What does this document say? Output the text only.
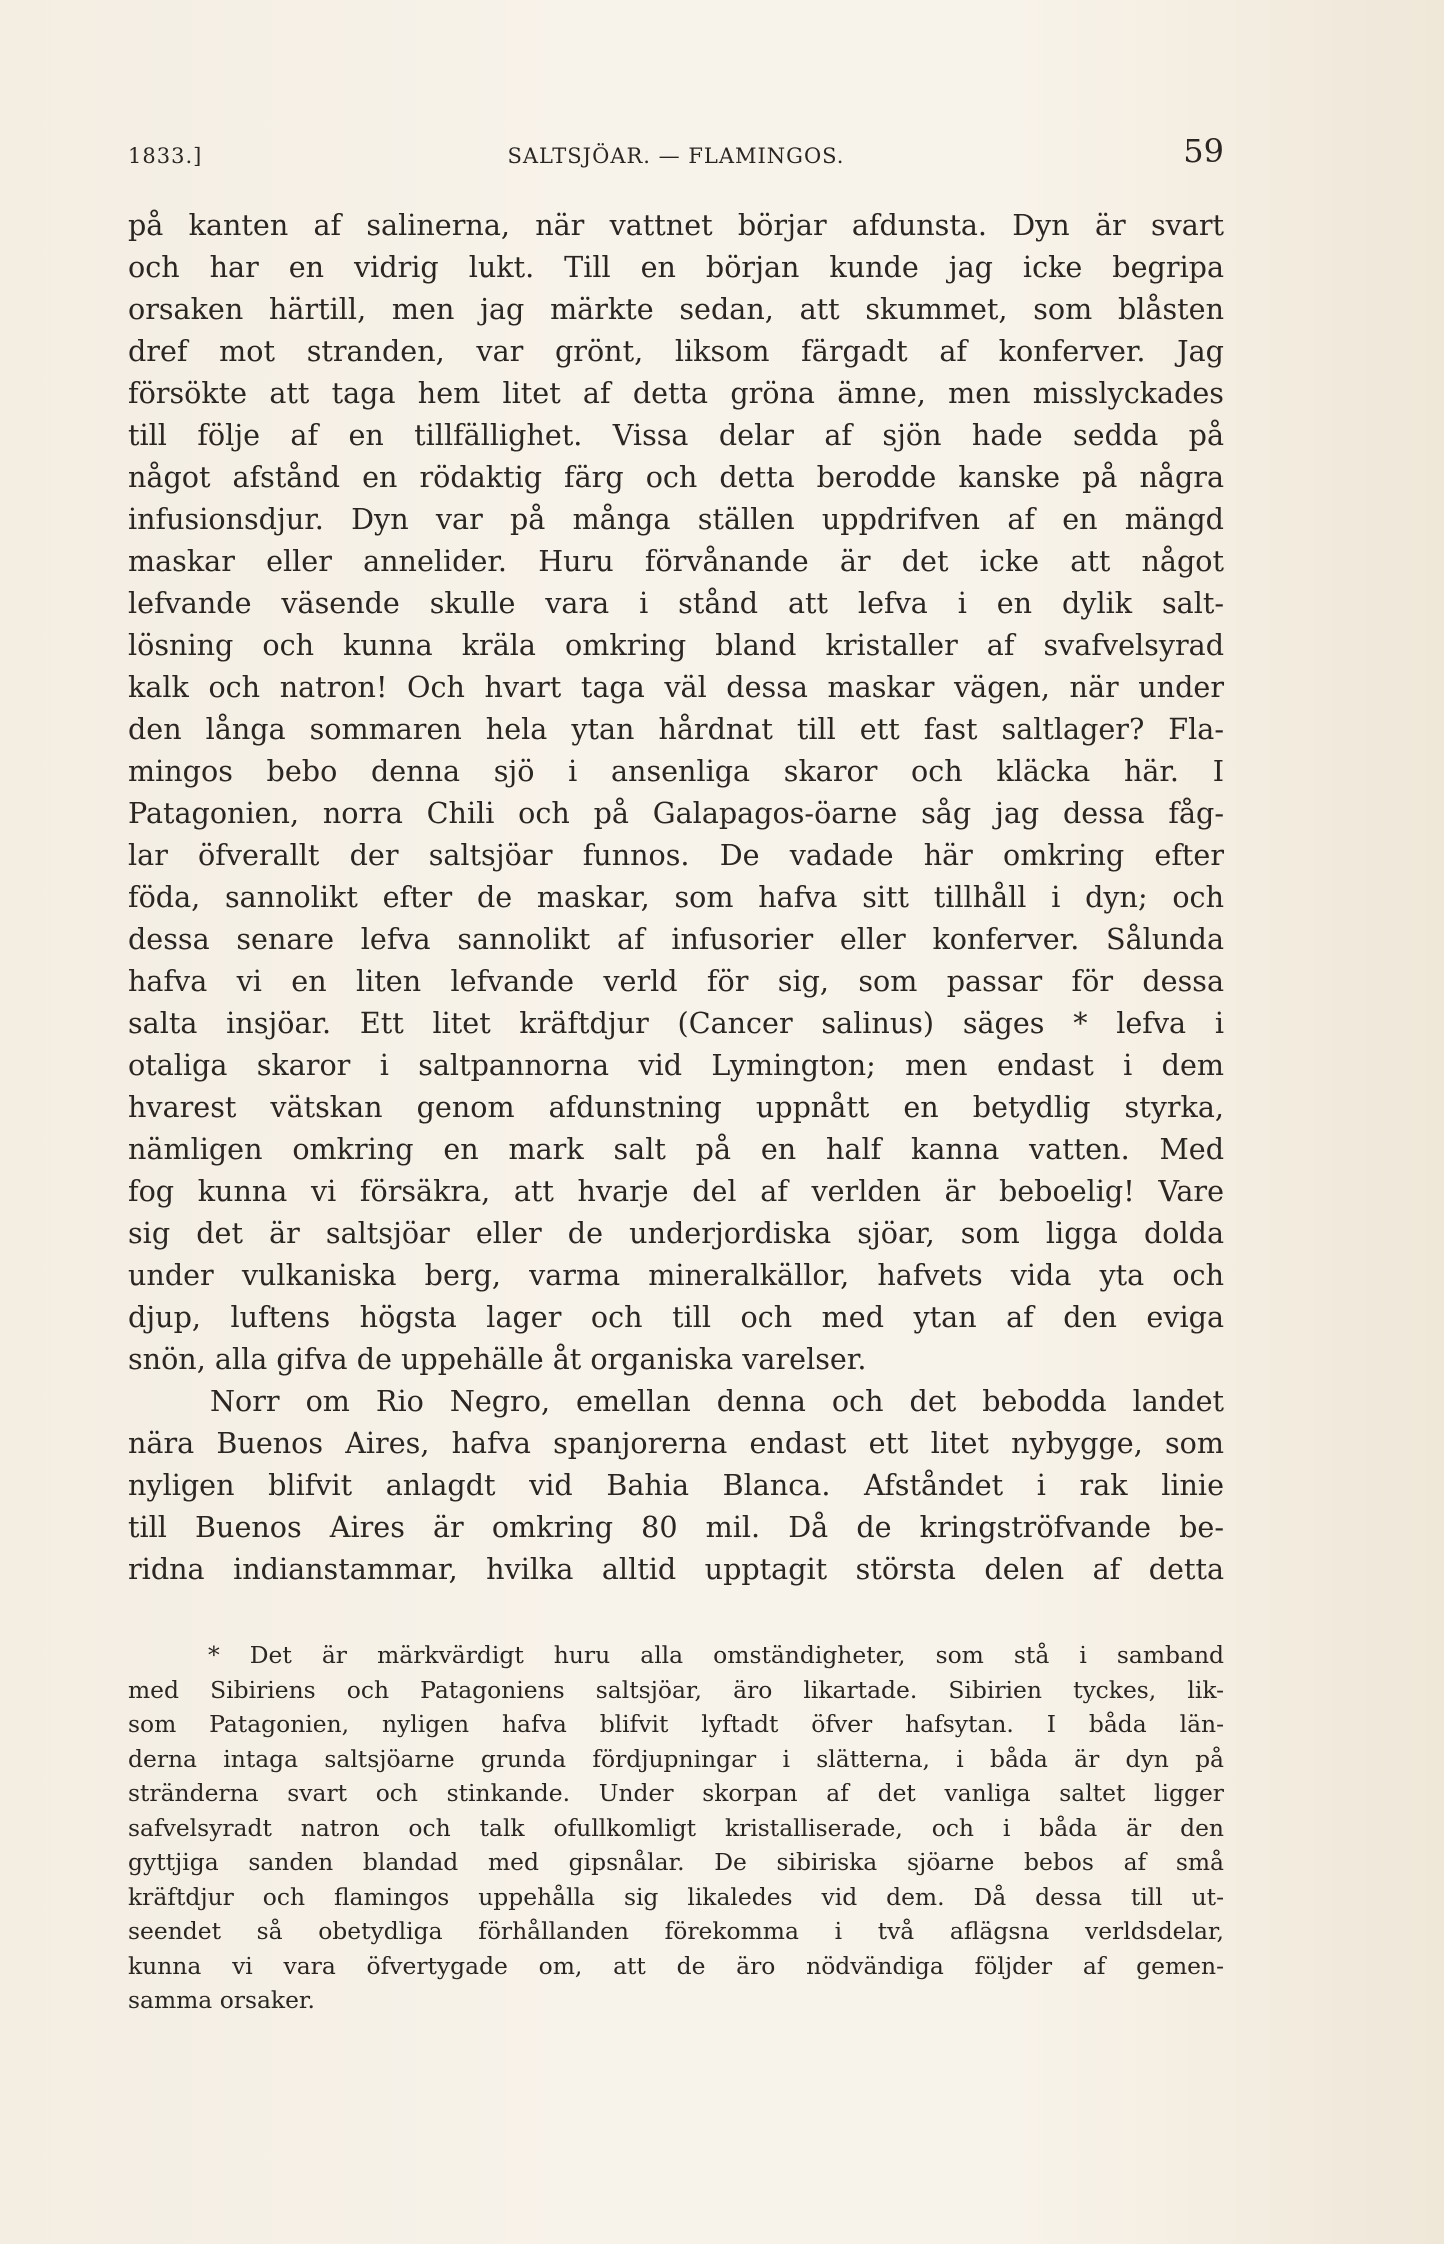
1833.]	SALTSJÖAR. — FLAMINGOS.	59
på kanten af salinerna, när vattnet börjar afdunsta. Dyn är svart
och har en vidrig lukt. Till en början kunde jag icke begripa
orsaken härtill, men jag märkte sedan, att skummet, som blåsten
dref mot stranden, var grönt, liksom färgadt af konferver. Jag
försökte att taga hem litet af detta gröna ämne, men misslyckades
till följe af en tillfällighet. Vissa delar af sjön hade sedda på
något afstånd en rödaktig färg och detta berodde kanske på några
infusionsdjur. Dyn var på många ställen uppdrifven af en mängd
maskar eller annelider. Huru förvånande är det icke att något
lefvande väsende skulle vara i stånd att lefva i en dylik salt-
lösning och kunna kräla omkring bland kristaller af svafvelsyrad
kalk och natron! Och hvart taga väl dessa maskar vägen, när under
den långa sommaren hela ytan hårdnat till ett fast saltlager? Fla-
mingos bebo denna sjö i ansenliga skaror och kläcka här. I
Patagonien, norra Chili och på Galapagos-öarne såg jag dessa fåg-
lar öfverallt der saltsjöar funnos. De vadade här omkring efter
föda, sannolikt efter de maskar, som hafva sitt tillhåll i dyn; och
dessa senare lefva sannolikt af infusorier eller konferver. Sålunda
hafva vi en liten lefvande verld för sig, som passar för dessa
salta insjöar. Ett litet kräftdjur (Cancer salinus) säges * lefva i
otaliga skaror i saltpannorna vid Lymington; men endast i dem
hvarest vätskan genom afdunstning uppnått en betydlig styrka,
nämligen omkring en mark salt på en half kanna vatten. Med
fog kunna vi försäkra, att hvarje del af verlden är beboelig! Vare
sig det är saltsjöar eller de underjordiska sjöar, som ligga dolda
under vulkaniska berg, varma mineralkällor, hafvets vida yta och
djup, luftens högsta lager och till och med ytan af den eviga
snön, alla gifva de uppehälle åt organiska varelser.
Norr om Rio Negro, emellan denna och det bebodda landet
nära Buenos Aires, hafva spanjorerna endast ett litet nybygge, som
nyligen blifvit anlagdt vid Bahia Blanca. Afståndet i rak linie
till Buenos Aires är omkring 80 mil. Då de kringströfvande be-
ridna indianstammar, hvilka alltid upptagit största delen af detta
* Det är märkvärdigt huru alla omständigheter, som stå i samband
med Sibiriens och Patagoniens saltsjöar, äro likartade. Sibirien tyckes, lik-
som Patagonien, nyligen hafva blifvit lyftadt öfver hafsytan. I båda län-
derna intaga saltsjöarne grunda fördjupningar i slätterna, i båda är dyn på
stränderna svart och stinkande. Under skorpan af det vanliga saltet ligger
safvelsyradt natron och talk ofullkomligt kristalliserade, och i båda är den
gyttjiga sanden blandad med gipsnålar. De sibiriska sjöarne bebos af små
kräftdjur och flamingos uppehålla sig likaledes vid dem. Då dessa till ut-
seendet så obetydliga förhållanden förekomma i två aflägsna verldsdelar,
kunna vi vara öfvertygade om, att de äro nödvändiga följder af gemen-
samma orsaker.
